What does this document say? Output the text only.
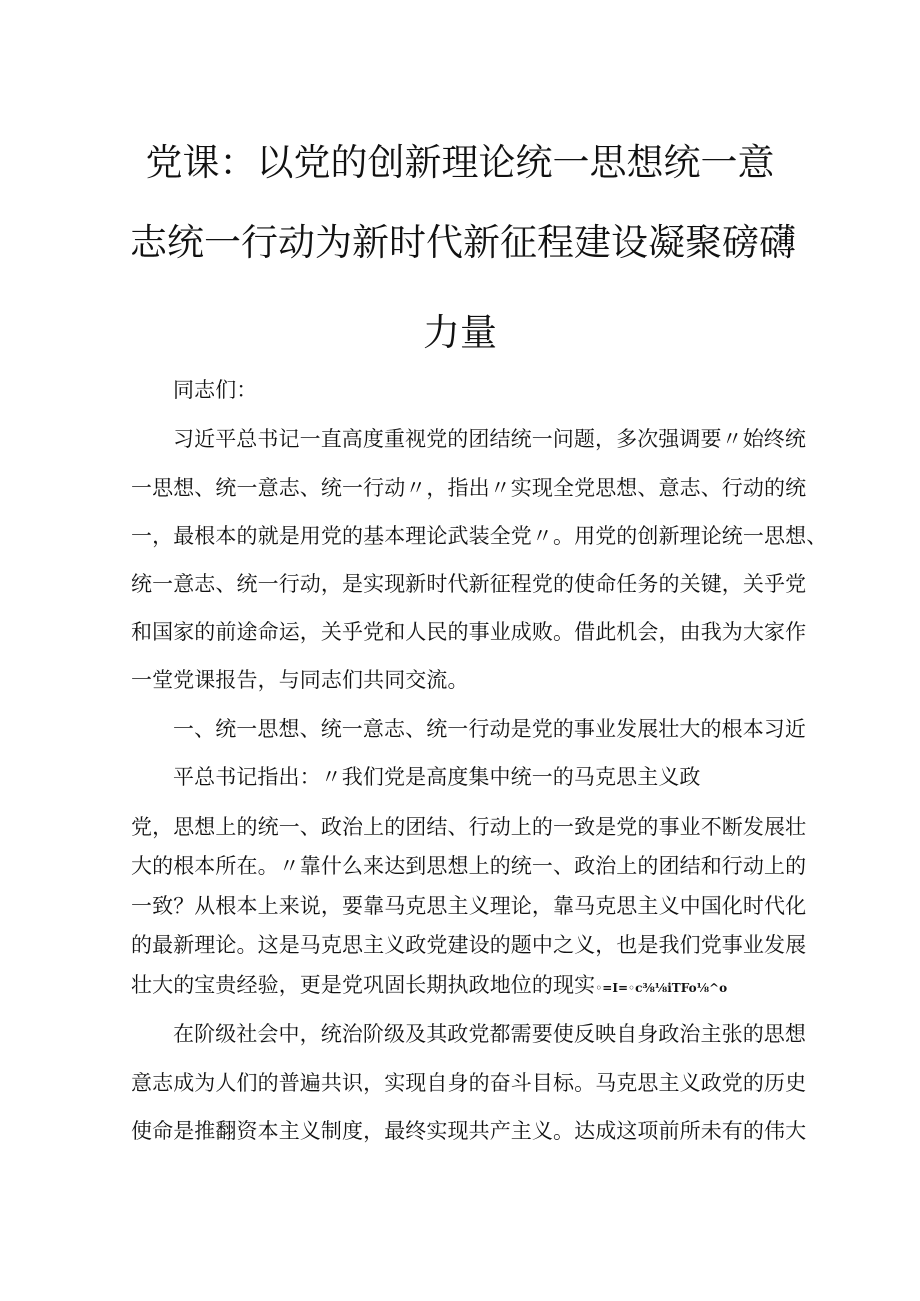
党课：以党的创新理论统一思想统一意
志统一行动为新时代新征程建设凝聚磅礴
力量
同志们：
习近平总书记一直高度重视党的团结统一问题，多次强调要〃始终统
一思想、统一意志、统一行动〃，指出〃实现全党思想、意志、行动的统
一，最根本的就是用党的基本理论武装全党〃。用党的创新理论统一思想、
统一意志、统一行动，是实现新时代新征程党的使命任务的关键，关乎党
和国家的前途命运，关乎党和人民的事业成败。借此机会，由我为大家作
一堂党课报告，与同志们共同交流。
一、统一思想、统一意志、统一行动是党的事业发展壮大的根本习近
平总书记指出：〃我们党是高度集中统一的马克思主义政
党，思想上的统一、政治上的团结、行动上的一致是党的事业不断发展壮
大的根本所在。〃靠什么来达到思想上的统一、政治上的团结和行动上的
一致？从根本上来说，要靠马克思主义理论，靠马克思主义中国化时代化
的最新理论。这是马克思主义政党建设的题中之义，也是我们党事业发展
壮大的宝贵经验，更是党巩固长期执政地位的现实◦=I=◦c⅜⅛iTFo⅛^o
在阶级社会中，统治阶级及其政党都需要使反映自身政治主张的思想
意志成为人们的普遍共识，实现自身的奋斗目标。马克思主义政党的历史
使命是推翻资本主义制度，最终实现共产主义。达成这项前所未有的伟大
